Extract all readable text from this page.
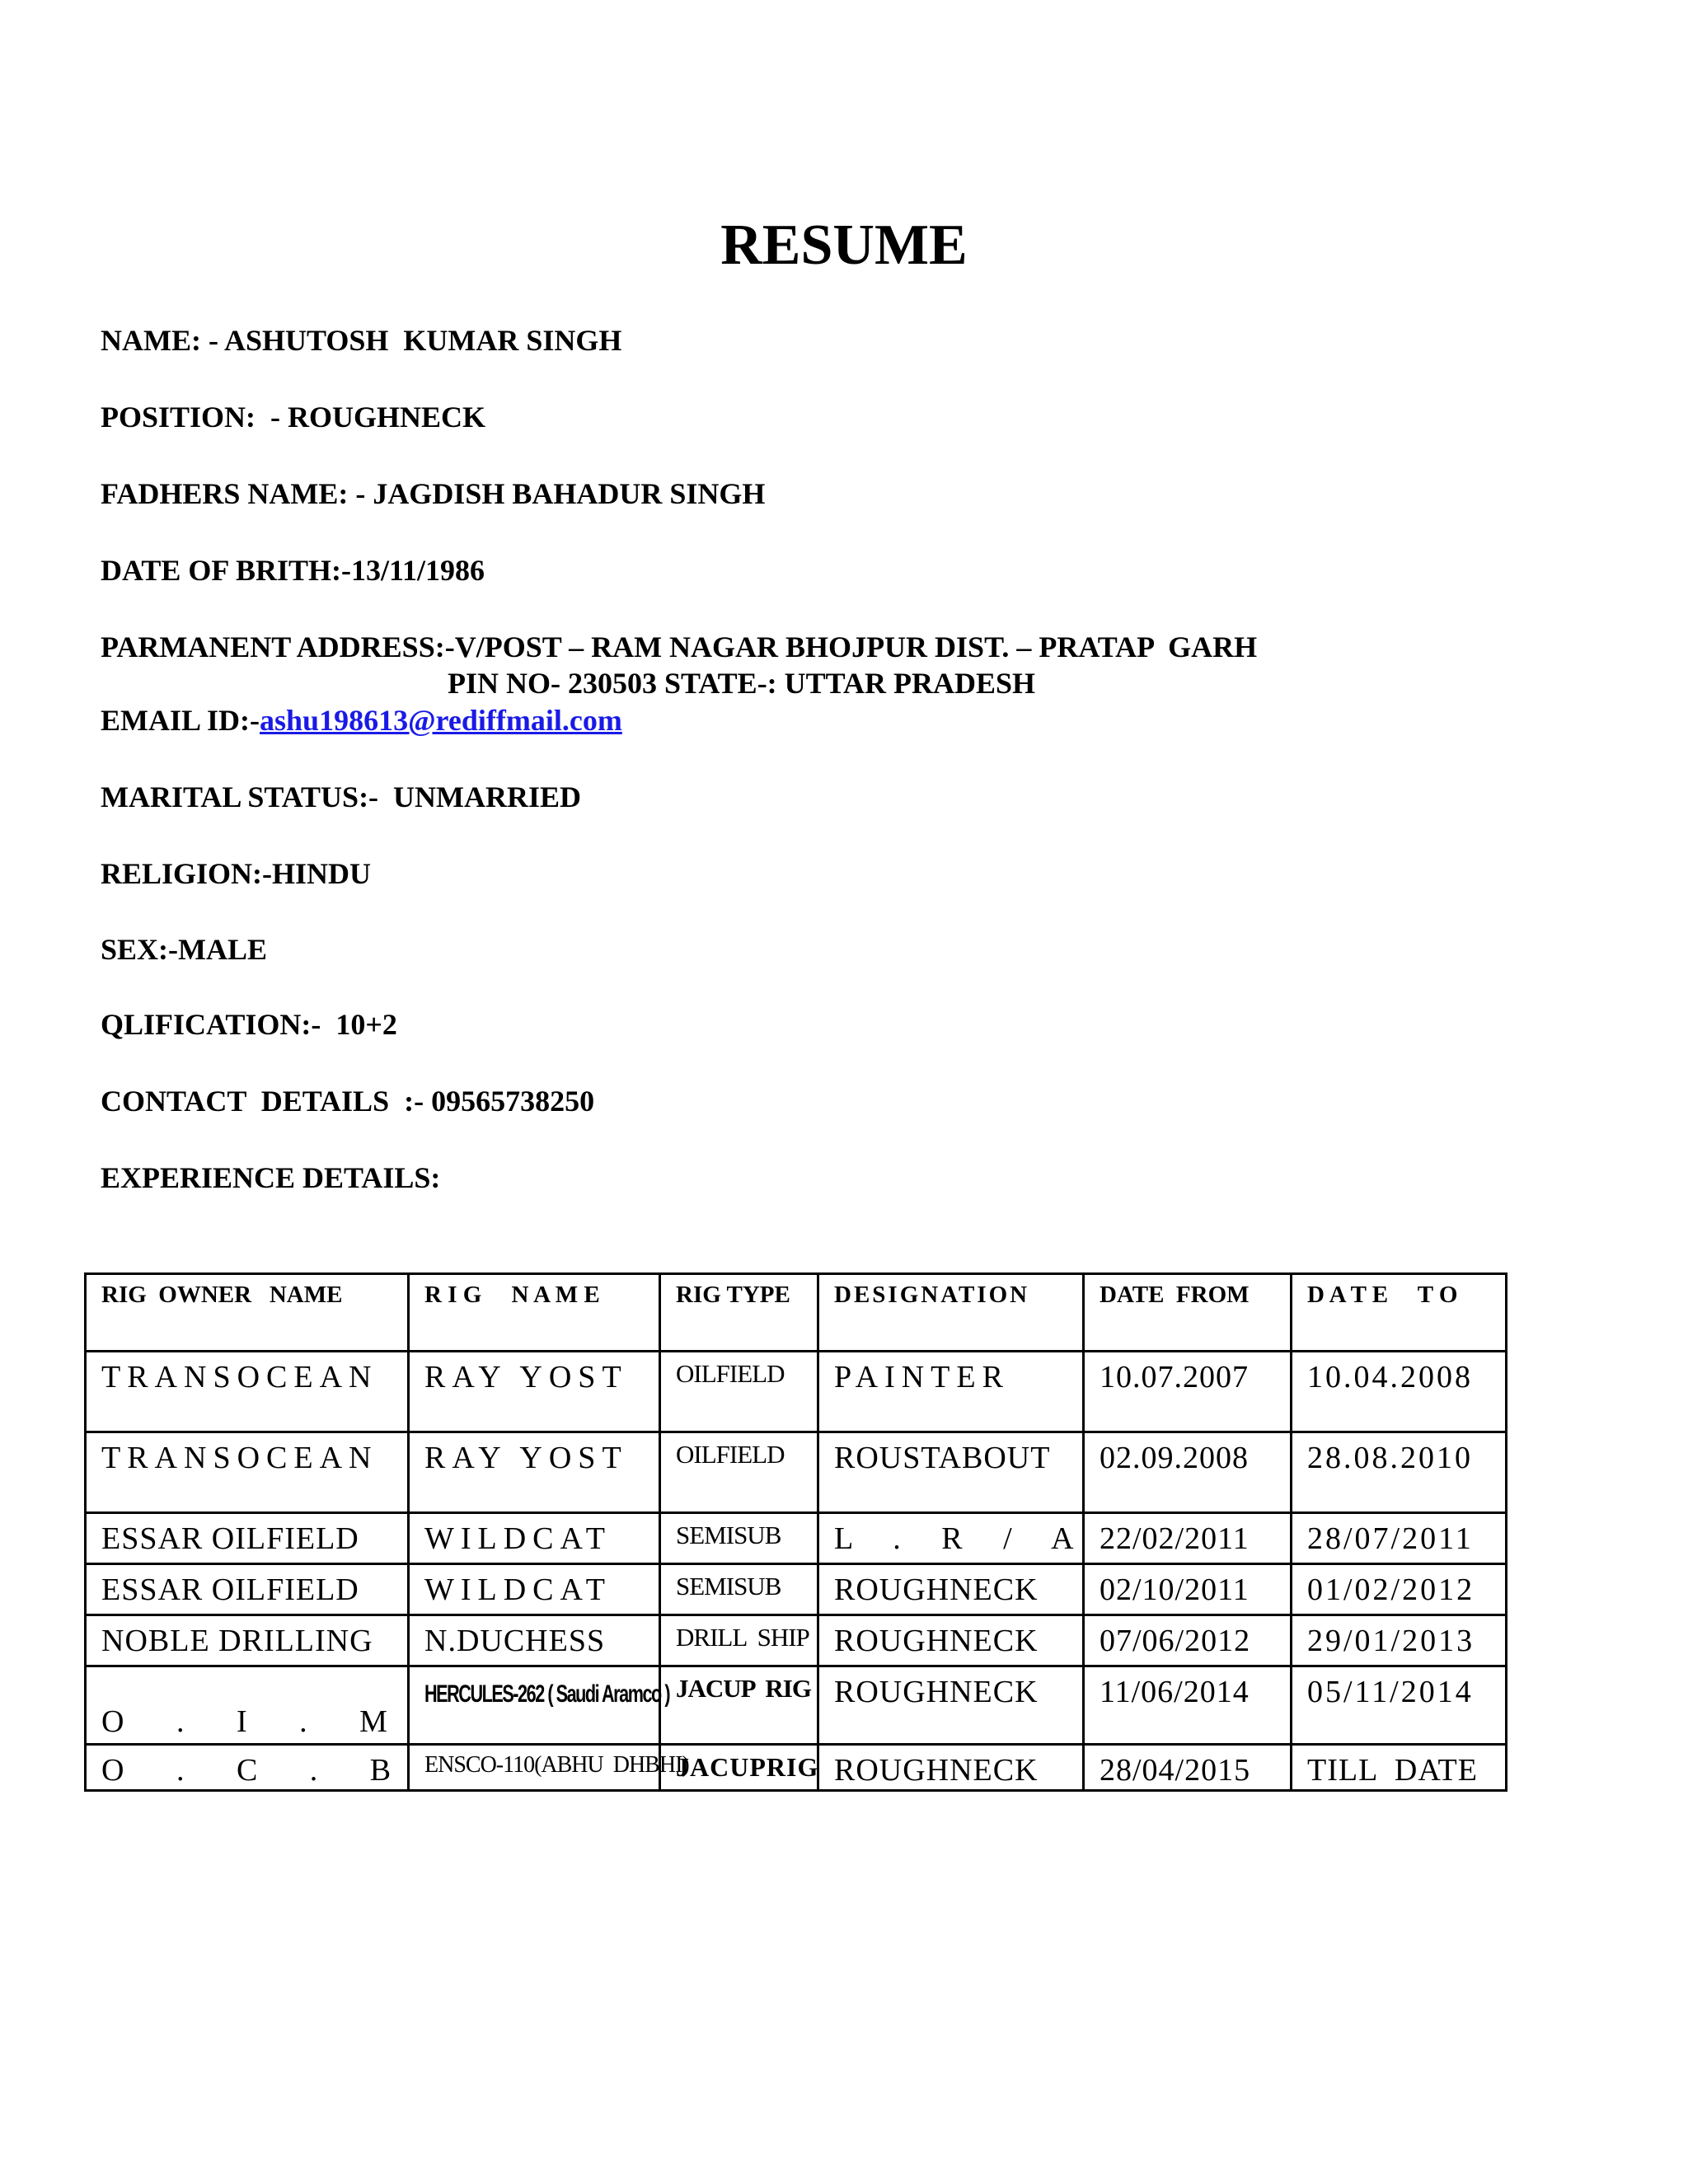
RESUME
NAME: - ASHUTOSH  KUMAR SINGH
POSITION:  - ROUGHNECK
FADHERS NAME: - JAGDISH BAHADUR SINGH
DATE OF BRITH:-13/11/1986
PARMANENT ADDRESS:-V/POST – RAM NAGAR BHOJPUR DIST. – PRATAP  GARH
PIN NO- 230503 STATE-: UTTAR PRADESH
EMAIL ID:-ashu198613@rediffmail.com
MARITAL STATUS:-  UNMARRIED
RELIGION:-HINDU
SEX:-MALE
QLIFICATION:-  10+2
CONTACT  DETAILS  :- 09565738250
EXPERIENCE DETAILS:
RIG  OWNER   NAME	R I G     N A M E	RIG TYPE	DESIGNATION	DATE  FROM	D A T E     T O
TRANSOCEAN	RAY YOST	OILFIELD	PAINTER	10.07.2007	10.04.2008
TRANSOCEAN	RAY YOST	OILFIELD	ROUSTABOUT	02.09.2008	28.08.2010
ESSAR OILFIELD	WILDCAT	SEMISUB	L . R / A	22/02/2011	28/07/2011
ESSAR OILFIELD	WILDCAT	SEMISUB	ROUGHNECK	02/10/2011	01/02/2012
NOBLE DRILLING	N.DUCHESS	DRILL  SHIP	ROUGHNECK	07/06/2012	29/01/2013
O . I . M	HERCULES-262 ( Saudi Aramco )	JACUP  RIG	ROUGHNECK	11/06/2014	05/11/2014
O . C . B	ENSCO-110(ABHU  DHBHI)	JACUPRIG	ROUGHNECK	28/04/2015	TILL  DATE
